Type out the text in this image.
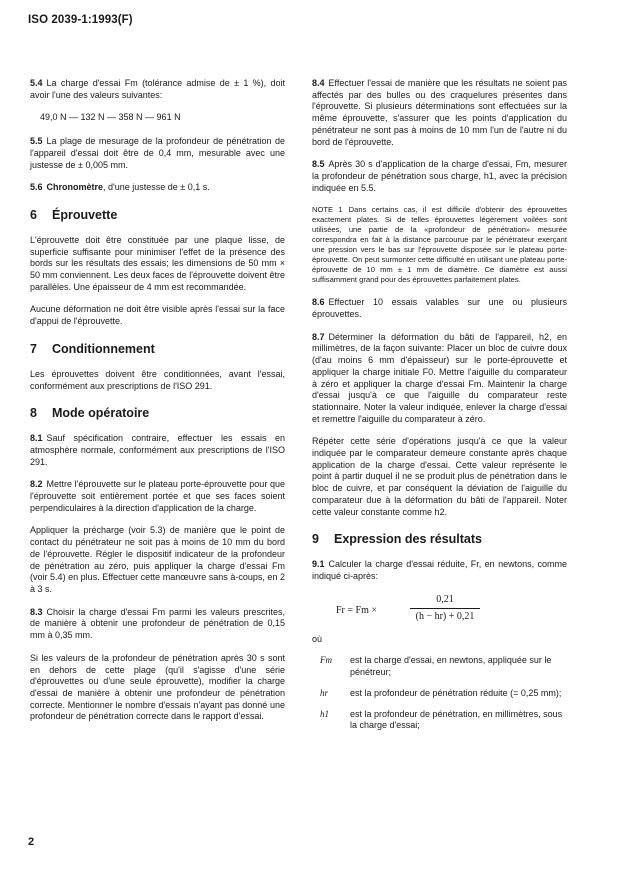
ISO 2039-1:1993(F)

5.4 La charge d'essai Fm (tolérance admise de ± 1 %), doit avoir l'une des valeurs suivantes:

49,0 N — 132 N — 358 N — 961 N

5.5 La plage de mesurage de la profondeur de pénétration de l'appareil d'essai doit être de 0,4 mm, mesurable avec une justesse de ± 0,005 mm.

5.6 Chronomètre, d'une justesse de ± 0,1 s.

6 Éprouvette

L'éprouvette doit être constituée par une plaque lisse, de superficie suffisante pour minimiser l'effet de la présence des bords sur les résultats des essais; les dimensions de 50 mm × 50 mm conviennent. Les deux faces de l'éprouvette doivent être parallèles. Une épaisseur de 4 mm est recommandée.

Aucune déformation ne doit être visible après l'essai sur la face d'appui de l'éprouvette.

7 Conditionnement

Les éprouvettes doivent être conditionnées, avant l'essai, conformément aux prescriptions de l'ISO 291.

8 Mode opératoire

8.1 Sauf spécification contraire, effectuer les essais en atmosphère normale, conformément aux prescriptions de l'ISO 291.

8.2 Mettre l'éprouvette sur le plateau porte-éprouvette pour que l'éprouvette soit entièrement portée et que ses faces soient perpendiculaires à la direction d'application de la charge.

Appliquer la précharge (voir 5.3) de manière que le point de contact du pénétrateur ne soit pas à moins de 10 mm du bord de l'éprouvette. Régler le dispositif indicateur de la profondeur de pénétration au zéro, puis appliquer la charge d'essai Fm (voir 5.4) en plus. Effectuer cette manœuvre sans à-coups, en 2 à 3 s.

8.3 Choisir la charge d'essai Fm parmi les valeurs prescrites, de manière à obtenir une profondeur de pénétration de 0,15 mm à 0,35 mm.

Si les valeurs de la profondeur de pénétration après 30 s sont en dehors de cette plage (qu'il s'agisse d'une série d'éprouvettes ou d'une seule éprouvette), modifier la charge d'essai de manière à obtenir une profondeur de pénétration correcte. Mentionner le nombre d'essais n'ayant pas donné une profondeur de pénétration correcte dans le rapport d'essai.

8.4 Effectuer l'essai de manière que les résultats ne soient pas affectés par des bulles ou des craquelures présentes dans l'éprouvette. Si plusieurs déterminations sont effectuées sur la même éprouvette, s'assurer que les points d'application du pénétrateur ne sont pas à moins de 10 mm l'un de l'autre ni du bord de l'éprouvette.

8.5 Après 30 s d'application de la charge d'essai, Fm, mesurer la profondeur de pénétration sous charge, h1, avec la précision indiquée en 5.5.

NOTE 1 Dans certains cas, il est difficile d'obtenir des éprouvettes exactement plates. Si de telles éprouvettes légèrement voilées sont utilisées, une partie de la «profondeur de pénétration» mesurée correspondra en fait à la distance parcourue par le pénétrateur exerçant une pression vers le bas sur l'éprouvette disposée sur le plateau porte-éprouvette. On peut surmonter cette difficulté en utilisant une plateau porte-éprouvette de 10 mm ± 1 mm de diamètre. Ce diamètre est aussi suffisamment grand pour des éprouvettes parfaitement plates.

8.6 Effectuer 10 essais valables sur une ou plusieurs éprouvettes.

8.7 Déterminer la déformation du bâti de l'appareil, h2, en millimètres, de la façon suivante: Placer un bloc de cuivre doux (d'au moins 6 mm d'épaisseur) sur le porte-éprouvette et appliquer la charge initiale F0. Mettre l'aiguille du comparateur à zéro et appliquer la charge d'essai Fm. Maintenir la charge d'essai jusqu'à ce que l'aiguille du comparateur reste stationnaire. Noter la valeur indiquée, enlever la charge d'essai et remettre l'aiguille du comparateur à zéro.

Répéter cette série d'opérations jusqu'à ce que la valeur indiquée par le comparateur demeure constante après chaque application de la charge d'essai. Cette valeur représente le point à partir duquel il ne se produit plus de pénétration dans le bloc de cuivre, et par conséquent la déviation de l'aiguille du comparateur due à la déformation du bâti de l'appareil. Noter cette valeur constante comme h2.

9 Expression des résultats

9.1 Calculer la charge d'essai réduite, Fr, en newtons, comme indiqué ci-après:

Fr = Fm ×
0,21
(h − hr) + 0,21
où
Fm	est la charge d'essai, en newtons, appliquée sur le pénétreur;
hr	est la profondeur de pénétration réduite (= 0,25 mm);
h1	est la profondeur de pénétration, en millimètres, sous la charge d'essai;
2
